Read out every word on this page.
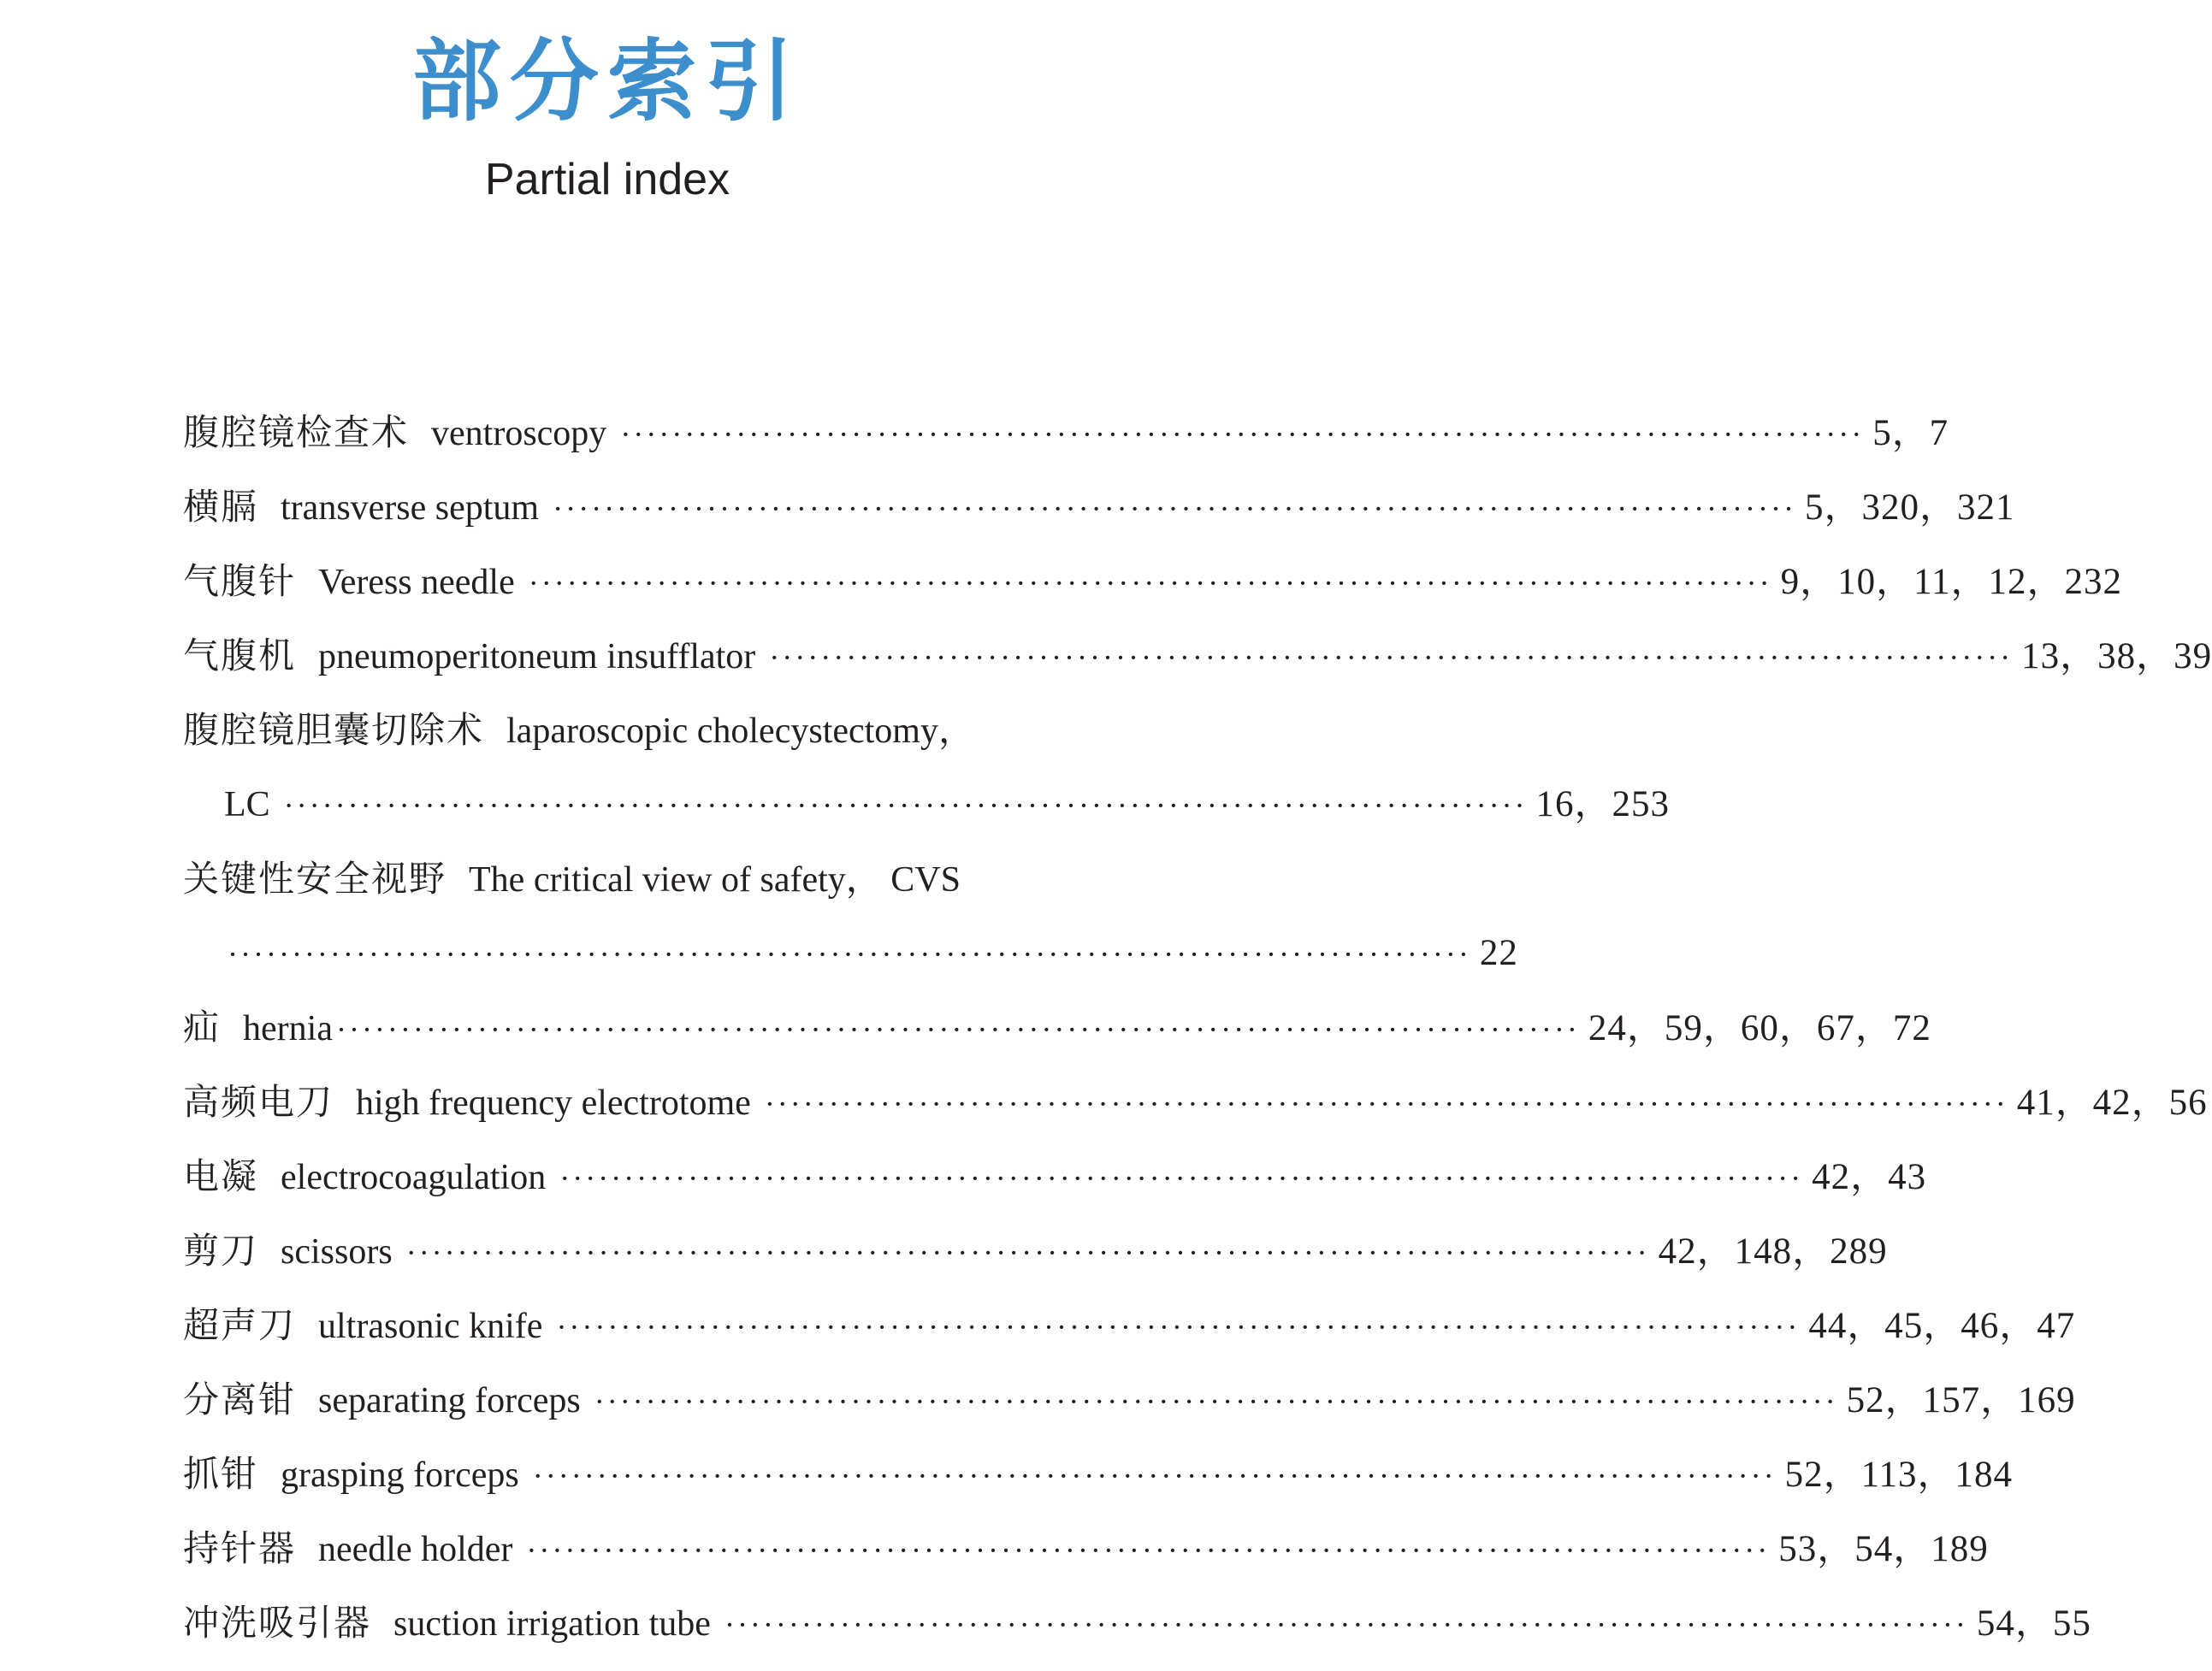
部分索引
Partial index
腹腔镜检查术 ventroscopy ································································································· 5，7
横膈 transverse septum ································································································· 5，320，321
气腹针 Veress needle ································································································· 9，10，11，12，232
气腹机 pneumoperitoneum insufflator ································································································· 13，38，39
腹腔镜胆囊切除术 laparoscopic cholecystectomy，
LC ································································································· 16，253
关键性安全视野 The critical view of safety， CVS
································································································· 22
疝 hernia ································································································· 24，59，60，67，72
高频电刀 high frequency electrotome ································································································· 41，42，56
电凝 electrocoagulation ································································································· 42，43
剪刀 scissors ································································································· 42，148，289
超声刀 ultrasonic knife ································································································· 44，45，46，47
分离钳 separating forceps ································································································· 52，157，169
抓钳 grasping forceps ································································································· 52，113，184
持针器 needle holder ································································································· 53，54，189
冲洗吸引器 suction irrigation tube ································································································· 54，55
